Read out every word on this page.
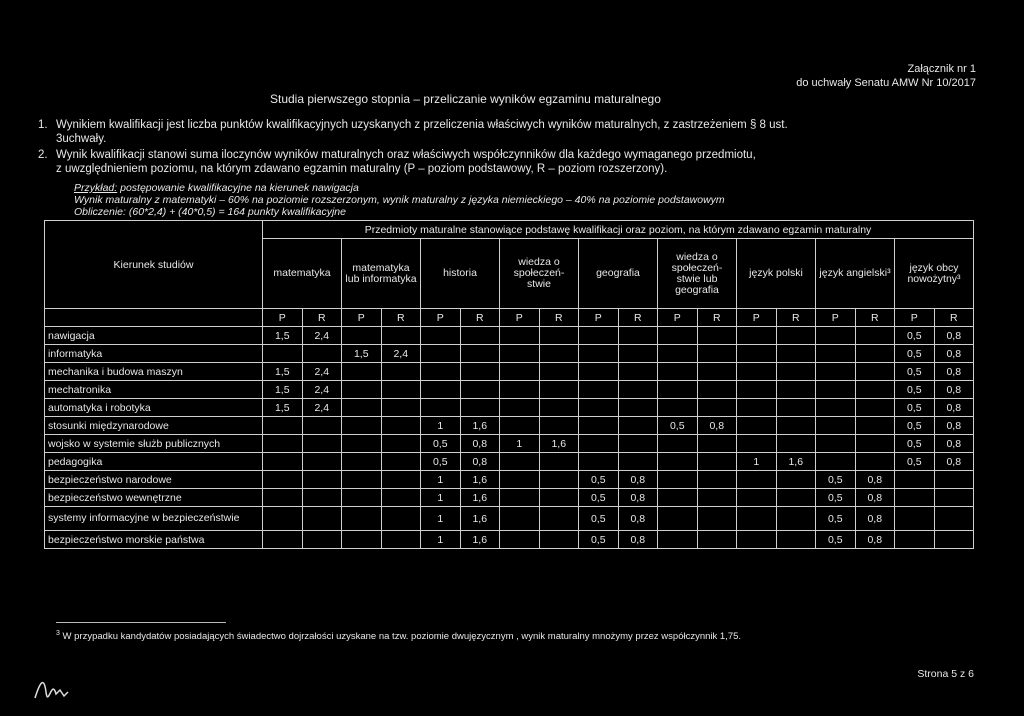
Załącznik nr 1
do uchwały Senatu AMW Nr 10/2017
Studia pierwszego stopnia – przeliczanie wyników egzaminu maturalnego
1. Wynikiem kwalifikacji jest liczba punktów kwalifikacyjnych uzyskanych z przeliczenia właściwych wyników maturalnych, z zastrzeżeniem § 8 ust.
3uchwały.
2. Wynik kwalifikacji stanowi suma iloczynów wyników maturalnych oraz właściwych współczynników dla każdego wymaganego przedmiotu,
z uwzględnieniem poziomu, na którym zdawano egzamin maturalny (P – poziom podstawowy, R – poziom rozszerzony).
Przykład: postępowanie kwalifikacyjne na kierunek nawigacja
Wynik maturalny z matematyki – 60% na poziomie rozszerzonym, wynik maturalny z języka niemieckiego – 40% na poziomie podstawowym
Obliczenie: (60*2,4) + (40*0,5) = 164 punkty kwalifikacyjne
Kierunek studiów	Przedmioty maturalne stanowiące podstawę kwalifikacji oraz poziom, na którym zdawano egzamin maturalny																	
	matematyka		matematyka lub informatyka		historia		wiedza o społeczeń-stwie		geografia		wiedza o społeczeń-stwie lub geografia		język polski		język angielski³		język obcy nowożytny³	
	P	R	P	R	P	R	P	R	P	R	P	R	P	R	P	R	P	R
nawigacja	1,5	2,4															0,5	0,8
informatyka			1,5	2,4													0,5	0,8
mechanika i budowa maszyn	1,5	2,4															0,5	0,8
mechatronika	1,5	2,4															0,5	0,8
automatyka i robotyka	1,5	2,4															0,5	0,8
stosunki międzynarodowe					1	1,6					0,5	0,8					0,5	0,8
wojsko w systemie służb publicznych					0,5	0,8	1	1,6									0,5	0,8
pedagogika					0,5	0,8							1	1,6			0,5	0,8
bezpieczeństwo narodowe					1	1,6			0,5	0,8					0,5	0,8		
bezpieczeństwo wewnętrzne					1	1,6			0,5	0,8					0,5	0,8		
systemy informacyjne w bezpieczeństwie					1	1,6			0,5	0,8					0,5	0,8		
bezpieczeństwo morskie państwa					1	1,6			0,5	0,8					0,5	0,8		
$^3$ W przypadku kandydatów posiadających świadectwo dojrzałości uzyskane na tzw. poziomie dwujęzycznym , wynik maturalny mnożymy przez współczynnik 1,75.
Strona 5 z 6
